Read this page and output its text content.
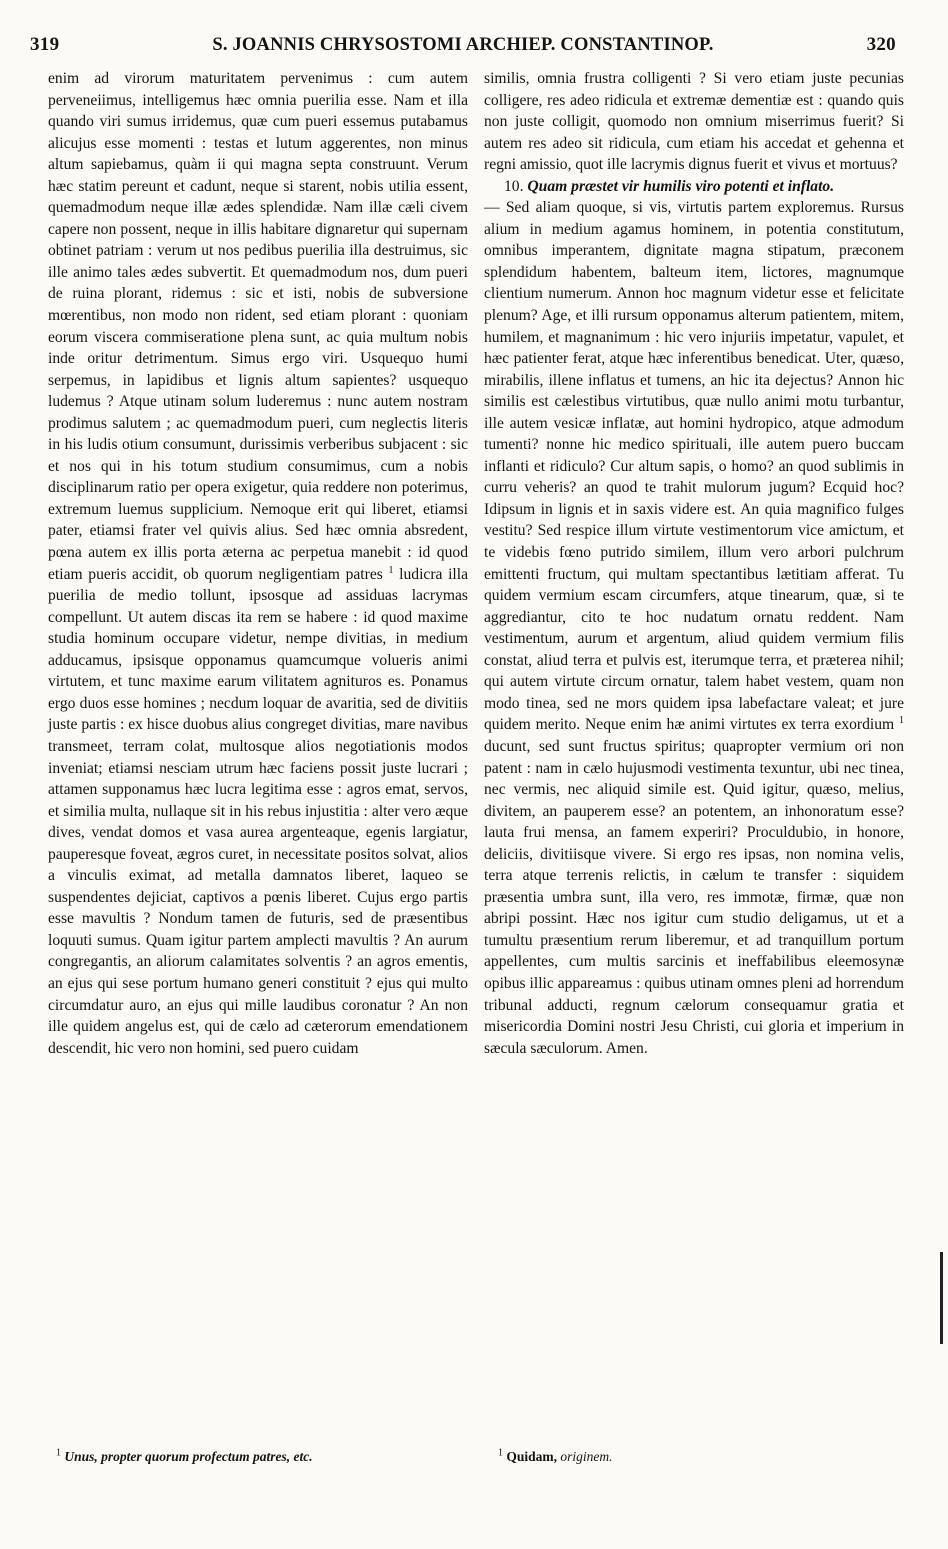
319	S. JOANNIS CHRYSOSTOMI ARCHIEP. CONSTANTINOP.	320

enim ad virorum maturitatem pervenimus : cum autem perveneiimus, intelligemus hæc omnia puerilia esse. Nam et illa quando viri sumus irridemus, quæ cum pueri essemus putabamus alicujus esse momenti : testas et lutum aggerentes, non minus altum sapiebamus, quàm ii qui magna septa construunt. Verum hæc statim pereunt et cadunt, neque si starent, nobis utilia essent, quemadmodum neque illæ ædes splendidæ. Nam illæ cæli civem capere non possent, neque in illis habitare dignaretur qui supernam obtinet patriam : verum ut nos pedibus puerilia illa destruimus, sic ille animo tales ædes subvertit. Et quemadmodum nos, dum pueri de ruina plorant, ridemus : sic et isti, nobis de subversione mœrentibus, non modo non rident, sed etiam plorant : quoniam eorum viscera commiseratione plena sunt, ac quia multum nobis inde oritur detrimentum. Simus ergo viri. Usquequo humi serpemus, in lapidibus et lignis altum sapientes? usquequo ludemus ? Atque utinam solum luderemus : nunc autem nostram prodimus salutem ; ac quemadmodum pueri, cum neglectis literis in his ludis otium consumunt, durissimis verberibus subjacent : sic et nos qui in his totum studium consumimus, cum a nobis disciplinarum ratio per opera exigetur, quia reddere non poterimus, extremum luemus supplicium. Nemoque erit qui liberet, etiamsi pater, etiamsi frater vel quivis alius. Sed hæc omnia absredent, pœna autem ex illis porta æterna ac perpetua manebit : id quod etiam pueris accidit, ob quorum negligentiam patres $^1$ ludicra illa puerilia de medio tollunt, ipsosque ad assiduas lacrymas compellunt. Ut autem discas ita rem se habere : id quod maxime studia hominum occupare videtur, nempe divitias, in medium adducamus, ipsisque opponamus quamcumque volueris animi virtutem, et tunc maxime earum vilitatem agnituros es. Ponamus ergo duos esse homines ; necdum loquar de avaritia, sed de divitiis juste partis : ex hisce duobus alius congreget divitias, mare navibus transmeet, terram colat, multosque alios negotiationis modos inveniat; etiamsi nesciam utrum hæc faciens possit juste lucrari ; attamen supponamus hæc lucra legitima esse : agros emat, servos, et similia multa, nullaque sit in his rebus injustitia : alter vero æque dives, vendat domos et vasa aurea argenteaque, egenis largiatur, pauperesque foveat, ægros curet, in necessitate positos solvat, alios a vinculis eximat, ad metalla damnatos liberet, laqueo se suspendentes dejiciat, captivos a pœnis liberet. Cujus ergo partis esse mavultis ? Nondum tamen de futuris, sed de præsentibus loquuti sumus. Quam igitur partem amplecti mavultis ? An aurum congregantis, an aliorum calamitates solventis ? an agros ementis, an ejus qui sese portum humano generi constituit ? ejus qui multo circumdatur auro, an ejus qui mille laudibus coronatur ? An non ille quidem angelus est, qui de cælo ad cæterorum emendationem descendit, hic vero non homini, sed puero cuidam

similis, omnia frustra colligenti ? Si vero etiam juste pecunias colligere, res adeo ridicula et extremæ dementiæ est : quando quis non juste colligit, quomodo non omnium miserrimus fuerit? Si autem res adeo sit ridicula, cum etiam his accedat et gehenna et regni amissio, quot ille lacrymis dignus fuerit et vivus et mortuus?

10. Quam præstet vir humilis viro potenti et inflato.

— Sed aliam quoque, si vis, virtutis partem exploremus. Rursus alium in medium agamus hominem, in potentia constitutum, omnibus imperantem, dignitate magna stipatum, præconem splendidum habentem, balteum item, lictores, magnumque clientium numerum. Annon hoc magnum videtur esse et felicitate plenum? Age, et illi rursum opponamus alterum patientem, mitem, humilem, et magnanimum : hic vero injuriis impetatur, vapulet, et hæc patienter ferat, atque hæc inferentibus benedicat. Uter, quæso, mirabilis, illene inflatus et tumens, an hic ita dejectus? Annon hic similis est cælestibus virtutibus, quæ nullo animi motu turbantur, ille autem vesicæ inflatæ, aut homini hydropico, atque admodum tumenti? nonne hic medico spirituali, ille autem puero buccam inflanti et ridiculo? Cur altum sapis, o homo? an quod sublimis in curru veheris? an quod te trahit mulorum jugum? Ecquid hoc? Idipsum in lignis et in saxis videre est. An quia magnifico fulges vestitu? Sed respice illum virtute vestimentorum vice amictum, et te videbis fœno putrido similem, illum vero arbori pulchrum emittenti fructum, qui multam spectantibus lætitiam afferat. Tu quidem vermium escam circumfers, atque tinearum, quæ, si te aggrediantur, cito te hoc nudatum ornatu reddent. Nam vestimentum, aurum et argentum, aliud quidem vermium filis constat, aliud terra et pulvis est, iterumque terra, et præterea nihil; qui autem virtute circum ornatur, talem habet vestem, quam non modo tinea, sed ne mors quidem ipsa labefactare valeat; et jure quidem merito. Neque enim hæ animi virtutes ex terra exordium $^1$ ducunt, sed sunt fructus spiritus; quapropter vermium ori non patent : nam in cælo hujusmodi vestimenta texuntur, ubi nec tinea, nec vermis, nec aliquid simile est. Quid igitur, quæso, melius, divitem, an pauperem esse? an potentem, an inhonoratum esse? lauta frui mensa, an famem experiri? Proculdubio, in honore, deliciis, divitiisque vivere. Si ergo res ipsas, non nomina velis, terra atque terrenis relictis, in cælum te transfer : siquidem præsentia umbra sunt, illa vero, res immotæ, firmæ, quæ non abripi possint. Hæc nos igitur cum studio deligamus, ut et a tumultu præsentium rerum liberemur, et ad tranquillum portum appellentes, cum multis sarcinis et ineffabilibus eleemosynæ opibus illic appareamus : quibus utinam omnes pleni ad horrendum tribunal adducti, regnum cælorum consequamur gratia et misericordia Domini nostri Jesu Christi, cui gloria et imperium in sæcula sæculorum. Amen.

$^1$ Unus, propter quorum profectum patres, etc.	$^1$ Quidam, originem.
